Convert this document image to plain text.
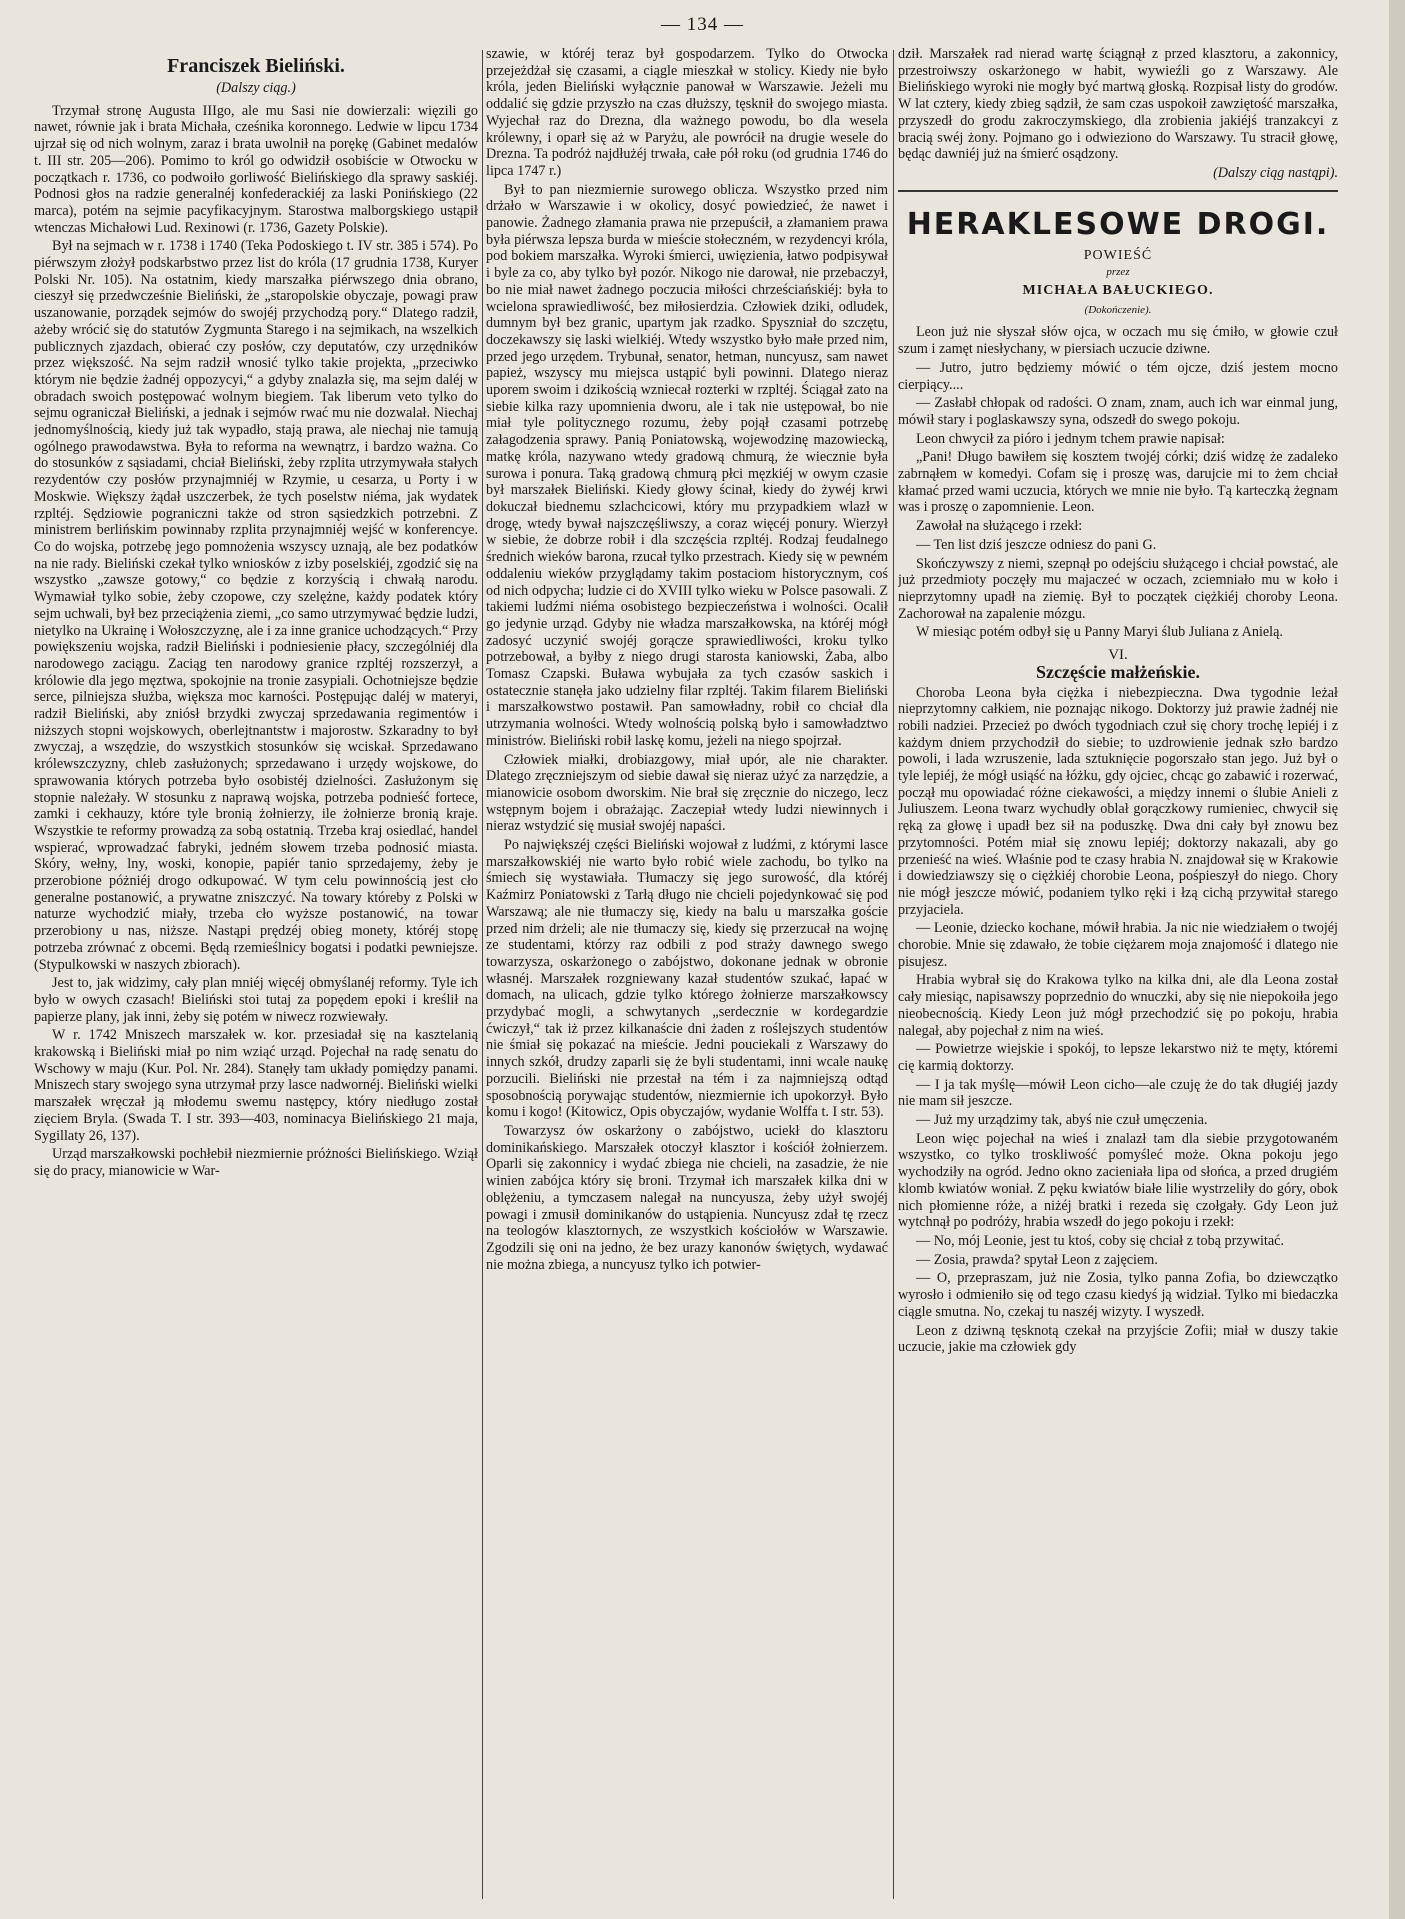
— 134 —
Franciszek Bieliński.
(Dalszy ciąg.)

Trzymał stronę Augusta IIIgo, ale mu Sasi nie dowierzali: więzili go nawet, równie jak i brata Michała, cześnika koronnego. Ledwie w lipcu 1734 ujrzał się od nich wolnym, zaraz i brata uwolnił na porękę (Gabinet medalów t. III str. 205—206). Pomimo to król go odwidził osobiście w Otwocku w początkach r. 1736, co podwoiło gorliwość Bielińskiego dla sprawy saskiéj. Podnosi głos na radzie generalnéj konfederackiéj za laski Ponińskiego (22 marca), potém na sejmie pacyfikacyjnym. Starostwa malborgskiego ustąpił wtenczas Michałowi Lud. Rexinowi (r. 1736, Gazety Polskie).

Był na sejmach w r. 1738 i 1740 (Teka Podoskiego t. IV str. 385 i 574). Po piérwszym złożył podskarbstwo przez list do króla (17 grudnia 1738, Kuryer Polski Nr. 105). Na ostatnim, kiedy marszałka piérwszego dnia obrano, cieszył się przedwcześnie Bieliński, że „staropolskie obyczaje, powagi praw uszanowanie, porządek sejmów do swojéj przychodzą pory.“ Dlatego radził, ażeby wrócić się do statutów Zygmunta Starego i na sejmikach, na wszelkich publicznych zjazdach, obierać czy posłów, czy deputatów, czy urzędników przez większość. Na sejm radził wnosić tylko takie projekta, „przeciwko którym nie będzie żadnéj oppozycyi,“ a gdyby znalazła się, ma sejm daléj w obradach swoich postępować wolnym biegiem. Tak liberum veto tylko do sejmu ograniczał Bieliński, a jednak i sejmów rwać mu nie dozwalał. Niechaj jednomyślnością, kiedy już tak wypadło, stają prawa, ale niechaj nie tamują ogólnego prawodawstwa. Była to reforma na wewnątrz, i bardzo ważna. Co do stosunków z sąsiadami, chciał Bieliński, żeby rzplita utrzymywała stałych rezydentów czy posłów przynajmniéj w Rzymie, u cesarza, u Porty i w Moskwie. Większy żądał uszczerbek, że tych poselstw niéma, jak wydatek rzpltéj. Sędziowie pograniczni także od stron sąsiedzkich potrzebni. Z ministrem berlińskim powinnaby rzplita przynajmniéj wejść w konferencye. Co do wojska, potrzebę jego pomnożenia wszyscy uznają, ale bez podatków na nie rady. Bieliński czekał tylko wniosków z izby poselskiéj, zgodzić się na wszystko „zawsze gotowy,“ co będzie z korzyścią i chwałą narodu. Wymawiał tylko sobie, żeby czopowe, czy szelężne, każdy podatek który sejm uchwali, był bez przeciążenia ziemi, „co samo utrzymywać będzie ludzi, nietylko na Ukrainę i Wołoszczyznę, ale i za inne granice uchodzących.“ Przy powiększeniu wojska, radził Bieliński i podniesienie płacy, szczególniéj dla narodowego zaciągu. Zaciąg ten narodowy granice rzpltéj rozszerzył, a królowie dla jego męztwa, spokojnie na tronie zasypiali. Ochotniejsze będzie serce, pilniejsza służba, większa moc karności. Postępując daléj w materyi, radził Bieliński, aby zniósł brzydki zwyczaj sprzedawania regimentów i niższych stopni wojskowych, oberlejtnantstw i majorostw. Szkaradny to był zwyczaj, a wszędzie, do wszystkich stosunków się wciskał. Sprzedawano królewszczyzny, chleb zasłużonych; sprzedawano i urzędy wojskowe, do sprawowania których potrzeba było osobistéj dzielności. Zasłużonym się stopnie należały. W stosunku z naprawą wojska, potrzeba podnieść fortece, zamki i cekhauzy, które tyle bronią żołnierzy, ile żołnierze bronią kraje. Wszystkie te reformy prowadzą za sobą ostatnią. Trzeba kraj osiedlać, handel wspierać, wprowadzać fabryki, jedném słowem trzeba podnosić miasta. Skóry, wełny, lny, woski, konopie, papiér tanio sprzedajemy, żeby je przerobione póżniéj drogo odkupować. W tym celu powinnością jest cło generalne postanowić, a prywatne zniszczyć. Na towary któreby z Polski w naturze wychodzić miały, trzeba cło wyższe postanowić, na towar przerobiony u nas, niższe. Nastąpi prędzéj obieg monety, któréj stopę potrzeba zrównać z obcemi. Będą rzemieślnicy bogatsi i podatki pewniejsze. (Stypulkowski w naszych zbiorach).

Jest to, jak widzimy, cały plan mniéj więcéj obmyślanéj reformy. Tyle ich było w owych czasach! Bieliński stoi tutaj za popędem epoki i kreślił na papierze plany, jak inni, żeby się potém w niwecz rozwiewały.

W r. 1742 Mniszech marszałek w. kor. przesiadał się na kasztelanią krakowską i Bieliński miał po nim wziąć urząd. Pojechał na radę senatu do Wschowy w maju (Kur. Pol. Nr. 284). Stanęły tam układy pomiędzy panami. Mniszech stary swojego syna utrzymał przy lasce nadwornéj. Bieliński wielki marszałek wręczał ją młodemu swemu następcy, który niedługo został zięciem Bryla. (Swada T. I str. 393—403, nominacya Bielińskiego 21 maja, Sygillaty 26, 137).

Urząd marszałkowski pochłebił niezmiernie próżności Bielińskiego. Wziął się do pracy, mianowicie w War-

szawie, w któréj teraz był gospodarzem. Tylko do Otwocka przejeżdżał się czasami, a ciągle mieszkał w stolicy. Kiedy nie było króla, jeden Bieliński wyłącznie panował w Warszawie. Jeżeli mu oddalić się gdzie przyszło na czas dłuższy, tęsknił do swojego miasta. Wyjechał raz do Drezna, dla ważnego powodu, bo dla wesela królewny, i oparł się aż w Paryżu, ale powrócił na drugie wesele do Drezna. Ta podróż najdłużéj trwała, całe pół roku (od grudnia 1746 do lipca 1747 r.)

Był to pan niezmiernie surowego oblicza. Wszystko przed nim drżało w Warszawie i w okolicy, dosyć powiedzieć, że nawet i panowie. Żadnego złamania prawa nie przepuścił, a złamaniem prawa była piérwsza lepsza burda w mieście stołeczném, w rezydencyi króla, pod bokiem marszałka. Wyroki śmierci, uwięzienia, łatwo podpisywał i byle za co, aby tylko był pozór. Nikogo nie darował, nie przebaczył, bo nie miał nawet żadnego poczucia miłości chrześciańskiéj: była to wcielona sprawiedliwość, bez miłosierdzia. Człowiek dziki, odludek, dumnym był bez granic, upartym jak rzadko. Spyszniał do szczętu, doczekawszy się laski wielkiéj. Wtedy wszystko było małe przed nim, przed jego urzędem. Trybunał, senator, hetman, nuncyusz, sam nawet papież, wszyscy mu miejsca ustąpić byli powinni. Dlatego nieraz uporem swoim i dzikością wzniecał rozterki w rzpltéj. Ściągał zato na siebie kilka razy upomnienia dworu, ale i tak nie ustępował, bo nie miał tyle politycznego rozumu, żeby pojął czasami potrzebę załagodzenia sprawy. Panią Poniatowską, wojewodzinę mazowiecką, matkę króla, nazywano wtedy gradową chmurą, że wiecznie była surowa i ponura. Taką gradową chmurą płci męzkiéj w owym czasie był marszałek Bieliński. Kiedy głowy ścinał, kiedy do żywéj krwi dokuczał biednemu szlachcicowi, który mu przypadkiem wlazł w drogę, wtedy bywał najszczęśliwszy, a coraz więcéj ponury. Wierzył w siebie, że dobrze robił i dla szczęścia rzpltéj. Rodzaj feudalnego średnich wieków barona, rzucał tylko przestrach. Kiedy się w pewném oddaleniu wieków przyglądamy takim postaciom historycznym, coś od nich odpycha; ludzie ci do XVIII tylko wieku w Polsce pasowali. Z takiemi ludźmi niéma osobistego bezpieczeństwa i wolności. Ocalił go jedynie urząd. Gdyby nie władza marszałkowska, na któréj mógł zadosyć uczynić swojéj gorącze sprawiedliwości, kroku tylko potrzebował, a byłby z niego drugi starosta kaniowski, Żaba, albo Tomasz Czapski. Buława wybujała za tych czasów saskich i ostatecznie stanęła jako udzielny filar rzpltéj. Takim filarem Bieliński i marszałkowstwo postawił. Pan samowładny, robił co chciał dla utrzymania wolności. Wtedy wolnością polską było i samowładztwo ministrów. Bieliński robił laskę komu, jeżeli na niego spojrzał.

Człowiek miałki, drobiazgowy, miał upór, ale nie charakter. Dlatego zręczniejszym od siebie dawał się nieraz użyć za narzędzie, a mianowicie osobom dworskim. Nie brał się zręcznie do niczego, lecz wstępnym bojem i obrażając. Zaczepiał wtedy ludzi niewinnych i nieraz wstydzić się musiał swojéj napaści.

Po największéj części Bieliński wojował z ludźmi, z którymi lasce marszałkowskiéj nie warto było robić wiele zachodu, bo tylko na śmiech się wystawiała. Tłumaczy się jego surowość, dla któréj Kaźmirz Poniatowski z Tarłą długo nie chcieli pojedynkować się pod Warszawą; ale nie tłumaczy się, kiedy na balu u marszałka goście przed nim drżeli; ale nie tłumaczy się, kiedy się przerzucał na wojnę ze studentami, którzy raz odbili z pod straży dawnego swego towarzysza, oskarżonego o zabójstwo, dokonane jednak w obronie własnéj. Marszałek rozgniewany kazał studentów szukać, łapać w domach, na ulicach, gdzie tylko którego żołnierze marszałkowscy przydybać mogli, a schwytanych „serdecznie w kordegardzie ćwiczył,“ tak iż przez kilkanaście dni żaden z roślejszych studentów nie śmiał się pokazać na mieście. Jedni pouciekali z Warszawy do innych szkół, drudzy zaparli się że byli studentami, inni wcale naukę porzucili. Bieliński nie przestał na tém i za najmniejszą odtąd sposobnością porywając studentów, niezmiernie ich upokorzył. Było komu i kogo! (Kitowicz, Opis obyczajów, wydanie Wolffa t. I str. 53).

Towarzysz ów oskarżony o zabójstwo, uciekł do klasztoru dominikańskiego. Marszałek otoczył klasztor i kościół żołnierzem. Oparli się zakonnicy i wydać zbiega nie chcieli, na zasadzie, że nie winien zabójca który się broni. Trzymał ich marszałek kilka dni w oblężeniu, a tymczasem nalegał na nuncyusza, żeby użył swojéj powagi i zmusił dominikanów do ustąpienia. Nuncyusz zdał tę rzecz na teologów klasztornych, ze wszystkich kościołów w Warszawie. Zgodzili się oni na jedno, że bez urazy kanonów świętych, wydawać nie można zbiega, a nuncyusz tylko ich potwier-

dził. Marszałek rad nierad wartę ściągnął z przed klasztoru, a zakonnicy, przestroiwszy oskarżonego w habit, wywieźli go z Warszawy. Ale Bielińskiego wyroki nie mogły być martwą głoską. Rozpisał listy do grodów. W lat cztery, kiedy zbieg sądził, że sam czas uspokoił zawziętość marszałka, przyszedł do grodu zakroczymskiego, dla zrobienia jakiéjś tranzakcyi z bracią swéj żony. Pojmano go i odwieziono do Warszawy. Tu stracił głowę, będąc dawniéj już na śmierć osądzony.

(Dalszy ciąg nastąpi).
HERAKLESOWE DROGI.
POWIEŚĆ
przez
MICHAŁA BAŁUCKIEGO.
(Dokończenie).

Leon już nie słyszał słów ojca, w oczach mu się ćmiło, w głowie czuł szum i zamęt niesłychany, w piersiach uczucie dziwne.

— Jutro, jutro będziemy mówić o tém ojcze, dziś jestem mocno cierpiący....

— Zasłabł chłopak od radości. O znam, znam, auch ich war einmal jung, mówił stary i poglaskawszy syna, odszedł do swego pokoju.

Leon chwycił za pióro i jednym tchem prawie napisał:

„Pani! Długo bawiłem się kosztem twojéj córki; dziś widzę że zadaleko zabrnąłem w komedyi. Cofam się i proszę was, darujcie mi to żem chciał kłamać przed wami uczucia, których we mnie nie było. Tą karteczką żegnam was i proszę o zapomnienie. Leon.

Zawołał na służącego i rzekł:

— Ten list dziś jeszcze odniesz do pani G.

Skończywszy z niemi, szepnął po odejściu służącego i chciał powstać, ale już przedmioty poczęły mu majaczeć w oczach, zciemniało mu w koło i nieprzytomny upadł na ziemię. Był to początek ciężkiéj choroby Leona. Zachorował na zapalenie mózgu.

W miesiąc potém odbył się u Panny Maryi ślub Juliana z Anielą.

VI.
Szczęście małżeńskie.

Choroba Leona była ciężka i niebezpieczna. Dwa tygodnie leżał nieprzytomny całkiem, nie poznając nikogo. Doktorzy już prawie żadnéj nie robili nadziei. Przecież po dwóch tygodniach czuł się chory trochę lepiéj i z każdym dniem przychodził do siebie; to uzdrowienie jednak szło bardzo powoli, i lada wzruszenie, lada sztuknięcie pogorszało stan jego. Już był o tyle lepiéj, że mógł usiąść na łóżku, gdy ojciec, chcąc go zabawić i rozerwać, począł mu opowiadać różne ciekawości, a między innemi o ślubie Anieli z Juliuszem. Leona twarz wychudły oblał gorączkowy rumieniec, chwycił się ręką za głowę i upadł bez sił na poduszkę. Dwa dni cały był znowu bez przytomności. Potém miał się znowu lepiéj; doktorzy nakazali, aby go przenieść na wieś. Właśnie pod te czasy hrabia N. znajdował się w Krakowie i dowiedziawszy się o ciężkiéj chorobie Leona, pośpieszył do niego. Chory nie mógł jeszcze mówić, podaniem tylko ręki i łzą cichą przywitał starego przyjaciela.

— Leonie, dziecko kochane, mówił hrabia. Ja nic nie wiedziałem o twojéj chorobie. Mnie się zdawało, że tobie ciężarem moja znajomość i dlatego nie pisujesz.

Hrabia wybrał się do Krakowa tylko na kilka dni, ale dla Leona został cały miesiąc, napisawszy poprzednio do wnuczki, aby się nie niepokoiła jego nieobecnością. Kiedy Leon już mógł przechodzić się po pokoju, hrabia nalegał, aby pojechał z nim na wieś.

— Powietrze wiejskie i spokój, to lepsze lekarstwo niż te męty, któremi cię karmią doktorzy.

— I ja tak myślę—mówił Leon cicho—ale czuję że do tak długiéj jazdy nie mam sił jeszcze.

— Już my urządzimy tak, abyś nie czuł umęczenia.

Leon więc pojechał na wieś i znalazł tam dla siebie przygotowaném wszystko, co tylko troskliwość pomyśleć może. Okna pokoju jego wychodziły na ogród. Jedno okno zacieniała lipa od słońca, a przed drugiém klomb kwiatów woniał. Z pęku kwiatów białe lilie wystrzeliły do góry, obok nich płomienne róże, a niżéj bratki i rezeda się czołgały. Gdy Leon już wytchnął po podróży, hrabia wszedł do jego pokoju i rzekł:

— No, mój Leonie, jest tu ktoś, coby się chciał z tobą przywitać.

— Zosia, prawda? spytał Leon z zajęciem.

— O, przepraszam, już nie Zosia, tylko panna Zofia, bo dziewczątko wyrosło i odmieniło się od tego czasu kiedyś ją widział. Tylko mi biedaczka ciągle smutna. No, czekaj tu naszéj wizyty. I wyszedł.

Leon z dziwną tęsknotą czekał na przyjście Zofii; miał w duszy takie uczucie, jakie ma człowiek gdy
